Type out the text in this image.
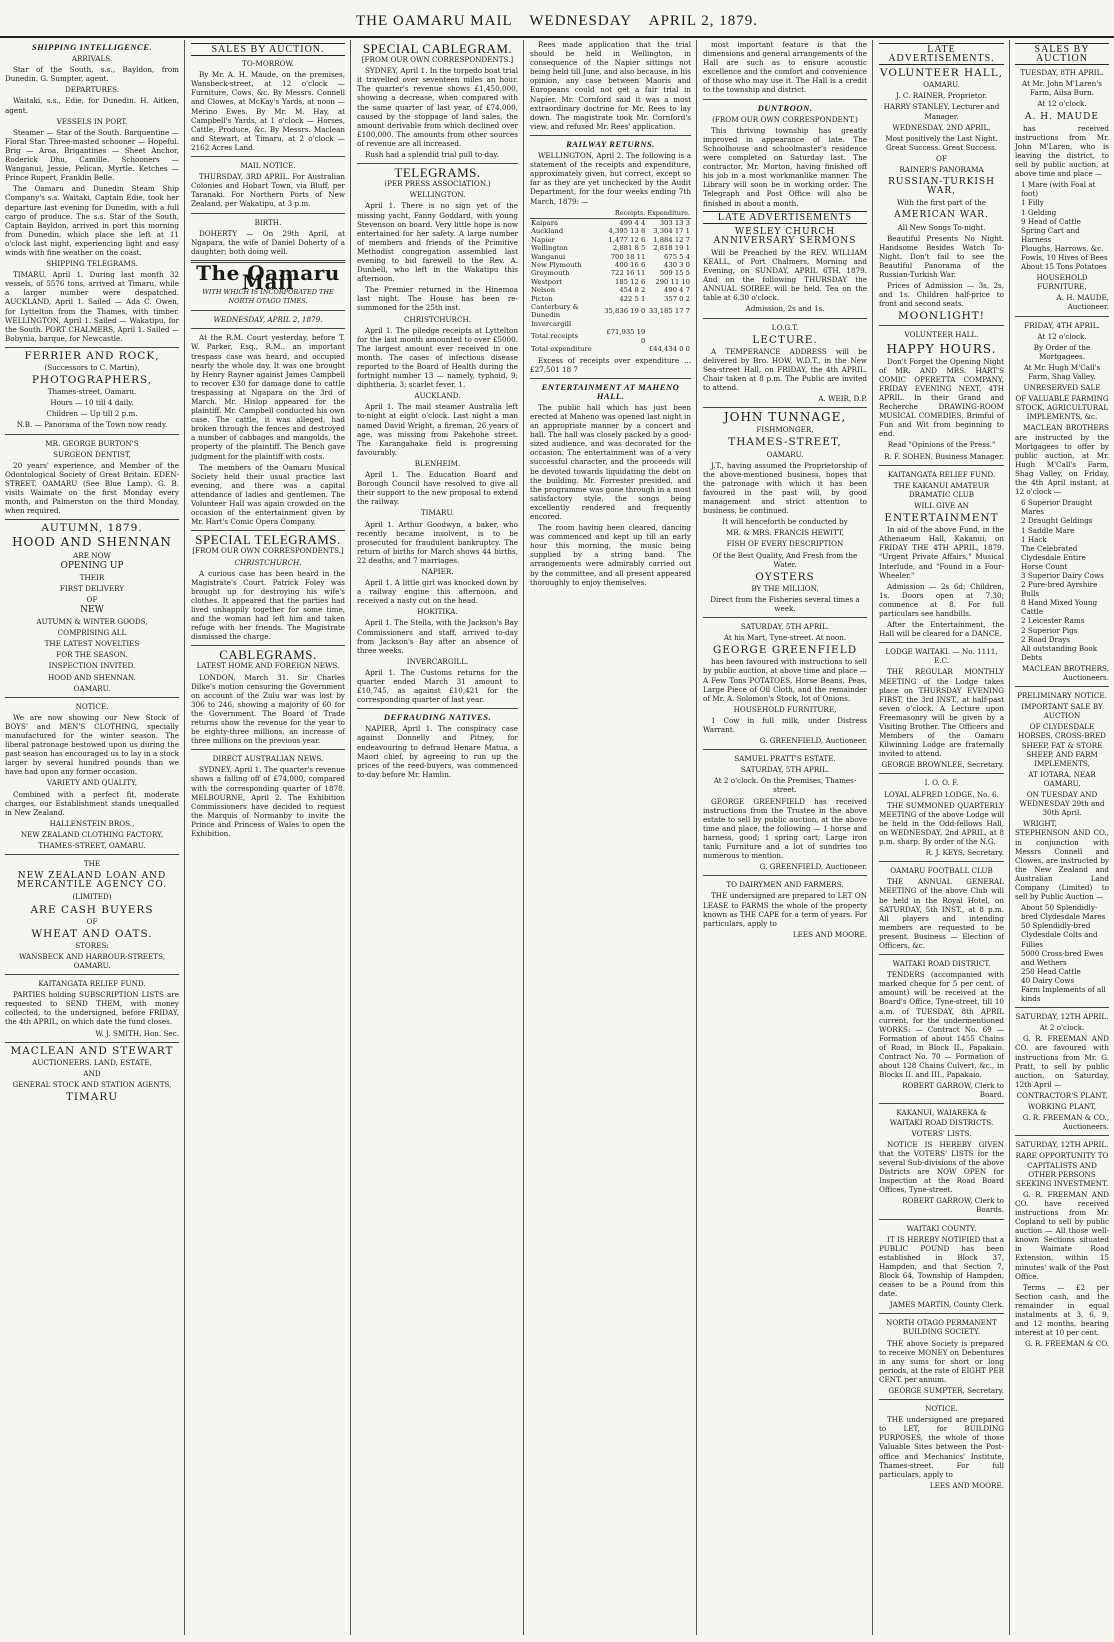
THE OAMARU MAIL WEDNESDAY APRIL 2, 1879.
SHIPPING INTELLIGENCE.

ARRIVALS.

Star of the South, s.s., Bayldon, from Dunedin. G. Sumpter, agent.

DEPARTURES.

Waitaki, s.s., Edie, for Dunedin. H. Aitken, agent.

VESSELS IN PORT.

Steamer — Star of the South. Barquentine — Floral Star. Three-masted schooner — Hopeful. Brig — Aroa. Brigantines — Sheet Anchor, Roderick Dhu, Camille. Schooners — Wanganui, Jessie, Pelican, Myrtle. Ketches — Prince Rupert, Franklin Belle.

The Oamaru and Dunedin Steam Ship Company's s.s. Waitaki, Captain Edie, took her departure last evening for Dunedin, with a full cargo of produce. The s.s. Star of the South, Captain Bayldon, arrived in port this morning from Dunedin, which place she left at 11 o'clock last night, experiencing light and easy winds with fine weather on the coast.

SHIPPING TELEGRAMS.

TIMARU, April 1. During last month 32 vessels, of 5576 tons, arrived at Timaru, while a larger number were despatched. AUCKLAND, April 1. Sailed — Ada C. Owen, for Lyttelton from the Thames, with timber. WELLINGTON, April 1. Sailed — Wakatipu, for the South. PORT CHALMERS, April 1. Sailed — Bobynia, barque, for Newcastle.

FERRIER AND ROCK,

(Successors to C. Martin),

PHOTOGRAPHERS,

Thames-street, Oamaru.

Hours — 10 till 4 daily.

Children — Up till 2 p.m.

N.B. — Panorama of the Town now ready.

MR. GEORGE BURTON'S

SURGEON DENTIST,

20 years' experience, and Member of the Odontological Society of Great Britain. EDEN-STREET, OAMARU (See Blue Lamp). G. B. visits Waimate on the first Monday every month, and Palmerston on the third Monday, when required.

AUTUMN, 1879.
HOOD AND SHENNAN

ARE NOW

OPENING UP

THEIR

FIRST DELIVERY

OF

NEW

AUTUMN & WINTER GOODS,

COMPRISING ALL

THE LATEST NOVELTIES

FOR THE SEASON.

INSPECTION INVITED.

HOOD AND SHENNAN.

OAMARU.

NOTICE.

We are now showing our New Stock of BOYS' and MEN'S CLOTHING, specially manufactured for the winter season. The liberal patronage bestowed upon us during the past season has encouraged us to lay in a stock larger by several hundred pounds than we have had upon any former occasion.

VARIETY AND QUALITY,

Combined with a perfect fit, moderate charges, our Establishment stands unequalled in New Zealand.

HALLENSTEIN BROS.,

NEW ZEALAND CLOTHING FACTORY,

THAMES-STREET, OAMARU.

THE

NEW ZEALAND LOAN AND MERCANTILE AGENCY CO.

(LIMITED)

ARE CASH BUYERS

OF

WHEAT AND OATS.

STORES:

WANSBECK AND HARBOUR-STREETS, OAMARU.

KAITANGATA RELIEF FUND.

PARTIES holding SUBSCRIPTION LISTS are requested to SEND THEM, with money collected, to the undersigned, before FRIDAY, the 4th APRIL, on which date the fund closes.

W. J. SMITH, Hon. Sec.

MACLEAN AND STEWART

AUCTIONEERS, LAND, ESTATE,

AND

GENERAL STOCK AND STATION AGENTS,

TIMARU
SALES BY AUCTION.

TO-MORROW.

By Mr. A. H. Maude, on the premises, Wansbeck-street, at 12 o'clock — Furniture, Cows, &c. By Messrs. Connell and Clowes, at McKay's Yards, at noon — Merino Ewes. By Mr. M. Hay, at Campbell's Yards, at 1 o'clock — Horses, Cattle, Produce, &c. By Messrs. Maclean and Stewart, at Timaru, at 2 o'clock — 2162 Acres Land.

MAIL NOTICE.

THURSDAY, 3RD APRIL. For Australian Colonies and Hobart Town, via Bluff, per Taranaki. For Northern Ports of New Zealand, per Wakatipu, at 3 p.m.

BIRTH.

DOHERTY — On 29th April, at Ngapara, the wife of Daniel Doherty of a daughter; both doing well.

The Oamaru Mail
WITH WHICH IS INCORPORATED THE NORTH OTAGO TIMES.

WEDNESDAY, APRIL 2, 1879.

At the R.M. Court yesterday, before T. W. Parker, Esq., R.M., an important trespass case was heard, and occupied nearly the whole day. It was one brought by Henry Rayner against James Campbell to recover £30 for damage done to cattle trespassing at Ngapara on the 3rd of March. Mr. Hislop appeared for the plaintiff. Mr. Campbell conducted his own case. The cattle, it was alleged, had broken through the fences and destroyed a number of cabbages and mangolds, the property of the plaintiff. The Bench gave judgment for the plaintiff with costs.

The members of the Oamaru Musical Society held their usual practice last evening, and there was a capital attendance of ladies and gentlemen. The Volunteer Hall was again crowded on the occasion of the entertainment given by Mr. Hart's Comic Opera Company.

SPECIAL TELEGRAMS.

[FROM OUR OWN CORRESPONDENTS.]

CHRISTCHURCH.

A curious case has been heard in the Magistrate's Court. Patrick Foley was brought up for destroying his wife's clothes. It appeared that the parties had lived unhappily together for some time, and the woman had left him and taken refuge with her friends. The Magistrate dismissed the charge.

CABLEGRAMS.

LATEST HOME AND FOREIGN NEWS.

LONDON, March 31. Sir Charles Dilke's motion censuring the Government on account of the Zulu war was lost by 306 to 246, showing a majority of 60 for the Government. The Board of Trade returns show the revenue for the year to be eighty-three millions, an increase of three millions on the previous year.

DIRECT AUSTRALIAN NEWS.

SYDNEY, April 1. The quarter's revenue shows a falling off of £74,000, compared with the corresponding quarter of 1878. MELBOURNE, April 2. The Exhibition Commissioners have decided to request the Marquis of Normanby to invite the Prince and Princess of Wales to open the Exhibition.

SPECIAL CABLEGRAM.

[FROM OUR OWN CORRESPONDENTS.]

SYDNEY, April 1. In the torpedo boat trial it travelled over seventeen miles an hour. The quarter's revenue shows £1,450,000, showing a decrease, when compared with the same quarter of last year, of £74,000, caused by the stoppage of land sales, the amount derivable from which declined over £100,000. The amounts from other sources of revenue are all increased.

Rush had a splendid trial pull to-day.

TELEGRAMS.

(PER PRESS ASSOCIATION.)

WELLINGTON.

April 1. There is no sign yet of the missing yacht, Fanny Goddard, with young Stevenson on board. Very little hope is now entertained for her safety. A large number of members and friends of the Primitive Methodist congregation assembled last evening to bid farewell to the Rev. A. Dunbell, who left in the Wakatipu this afternoon.

The Premier returned in the Hinemoa last night. The House has been re-summoned for the 25th inst.

CHRISTCHURCH.

April 1. The piledge receipts at Lyttelton for the last month amounted to over £5000. The largest amount ever received in one month. The cases of infectious disease reported to the Board of Health during the fortnight number 13 — namely, typhoid, 9; diphtheria, 3; scarlet fever, 1.

AUCKLAND.

April 1. The mail steamer Australia left to-night at eight o'clock. Last night a man named David Wright, a fireman, 26 years of age, was missing from Pakehohe street. The Karangahake field is progressing favourably.

BLENHEIM.

April 1. The Education Board and Borough Council have resolved to give all their support to the new proposal to extend the railway.

TIMARU.

April 1. Arthur Goodwyn, a baker, who recently became insolvent, is to be prosecuted for fraudulent bankruptcy. The return of births for March shows 44 births, 22 deaths, and 7 marriages.

NAPIER.

April 1. A little girl was knocked down by a railway engine this afternoon, and received a nasty cut on the head.

HOKITIKA.

April 1. The Stella, with the Jackson's Bay Commissioners and staff, arrived to-day from Jackson's Bay after an absence of three weeks.

INVERCARGILL.

April 1. The Customs returns for the quarter ended March 31 amount to £10,745, as against £10,421 for the corresponding quarter of last year.

DEFRAUDING NATIVES.

NAPIER, April 1. The conspiracy case against Donnelly and Pitney, for endeavouring to defraud Henare Matua, a Maori chief, by agreeing to run up the prices of the reed-buyers, was commenced to-day before Mr. Hamlin.

Rees made application that the trial should be held in Wellington, in consequence of the Napier sittings not being held till June, and also because, in his opinion, any case between Maoris and Europeans could not get a fair trial in Napier. Mr. Cornford said it was a most extraordinary doctrine for Mr. Rees to lay down. The magistrate took Mr. Cornford's view, and refused Mr. Rees' application.

RAILWAY RETURNS.

WELLINGTON, April 2. The following is a statement of the receipts and expenditure, approximately given, but correct, except so far as they are yet unchecked by the Audit Department, for the four weeks ending 7th March, 1879: —

	Receipts.	Expenditure.
Kaipara	499 4 4	303 13 3
Auckland	4,395 13 8	3,304 17 1
Napier	1,477 12 6	1,884 12 7
Wellington	2,881 8 5	2,818 19 1
Wanganui	700 18 11	675 5 4
New Plymouth	400 16 6	430 3 0
Greymouth	722 16 11	509 15 5
Westport	185 12 6	290 11 10
Nelson	454 8 2	490 4 7
Picton	422 5 1	357 0 2
Canterbury & Dunedin	35,836 19 0	33,185 17 7
Invercargill		
Total receipts	£71,935 19 0	
Total expenditure		£44,434 0 0

Excess of receipts over expenditure ... £27,501 18 7

ENTERTAINMENT AT MAHENO HALL.

The public hall which has just been erected at Maheno was opened last night in an appropriate manner by a concert and ball. The hall was closely packed by a good-sized audience, and was decorated for the occasion. The entertainment was of a very successful character, and the proceeds will be devoted towards liquidating the debt on the building. Mr. Forrester presided, and the programme was gone through in a most satisfactory style, the songs being excellently rendered and frequently encored.

The room having been cleared, dancing was commenced and kept up till an early hour this morning, the music being supplied by a string band. The arrangements were admirably carried out by the committee, and all present appeared thoroughly to enjoy themselves.

most important feature is that the dimensions and general arrangements of the Hall are such as to ensure acoustic excellence and the comfort and convenience of those who may use it. The Hall is a credit to the township and district.

DUNTROON.

(FROM OUR OWN CORRESPONDENT.)

This thriving township has greatly improved in appearance of late. The Schoolhouse and schoolmaster's residence were completed on Saturday last. The contractor, Mr. Morton, having finished off his job in a most workmanlike manner. The Library will soon be in working order. The Telegraph and Post Office will also be finished in about a month.

LATE ADVERTISEMENTS
WESLEY CHURCH ANNIVERSARY SERMONS

Will be Preached by the REV. WILLIAM KEALL, of Port Chalmers, Morning and Evening, on SUNDAY, APRIL 6TH, 1879. And on the following THURSDAY the ANNUAL SOIREE will be held. Tea on the table at 6.30 o'clock.

Admission, 2s and 1s.

I.O.G.T.

LECTURE.

A TEMPERANCE ADDRESS will be delivered by Bro. HOW, W.D.T., in the New Sea-street Hall, on FRIDAY, the 4th APRIL. Chair taken at 8 p.m. The Public are invited to attend.

A. WEIR, D.P.

JOHN TUNNAGE,

FISHMONGER,

THAMES-STREET,

OAMARU.

J.T., having assumed the Proprietorship of the above-mentioned business, hopes that the patronage with which it has been favoured in the past will, by good management and strict attention to business, be continued.

It will henceforth be conducted by

MR. & MRS. FRANCIS HEWITT,

FISH OF EVERY DESCRIPTION

Of the Best Quality, And Fresh from the Water.

OYSTERS

BY THE MILLION,

Direct from the Fisheries several times a week.

SATURDAY, 5TH APRIL.

At his Mart, Tyne-street. At noon.

GEORGE GREENFIELD

has been favoured with instructions to sell by public auction, at above time and place — A Few Tons POTATOES, Horse Beans, Peas, Large Piece of Oil Cloth, and the remainder of Mr. A. Solomon's Stock, lot of Onions.

HOUSEHOLD FURNITURE,

1 Cow in full milk, under Distress Warrant.

G. GREENFIELD, Auctioneer.

SAMUEL PRATT'S ESTATE.

SATURDAY, 5TH APRIL.

At 2 o'clock. On the Premises, Thames-street.

GEORGE GREENFIELD has received instructions from the Trustee in the above estate to sell by public auction, at the above time and place, the following — 1 horse and harness, good; 1 spring cart; Large iron tank; Furniture and a lot of sundries too numerous to mention.

G. GREENFIELD, Auctioneer.

TO DAIRYMEN AND FARMERS.

THE undersigned are prepared to LET ON LEASE to FARMS the whole of the property known as THE CAPE for a term of years. For particulars, apply to

LEES AND MOORE.

LATE ADVERTISEMENTS.
VOLUNTEER HALL,

OAMARU.

J. C. RAINER, Proprietor.

HARRY STANLEY, Lecturer and Manager.

WEDNESDAY, 2ND APRIL,

Most positively the Last Night. Great Success. Great Success.

OF

RAINER'S PANORAMA

RUSSIAN-TURKISH WAR,

With the first part of the

AMERICAN WAR.

All New Songs To-night.

Beautiful Presents No Night. Handsome Besides Watch To-Night. Don't fail to see the Beautiful Panorama of the Russian-Turkish War.

Prices of Admission — 3s, 2s, and 1s. Children half-price to front and second seats.

MOONLIGHT!

VOLUNTEER HALL.

HAPPY HOURS.

Don't Forget the Opening Night of MR. AND MRS. HART'S COMIC OPERETTA COMPANY, FRIDAY EVENING NEXT, 4TH APRIL. In their Grand and Recherche DRAWING-ROOM MUSICAL COMEDIES, Brimful of Fun and Wit from beginning to end.

Read "Opinions of the Press."

R. F. SOHEN, Business Manager.

KAITANGATA RELIEF FUND.

THE KAKANUI AMATEUR DRAMATIC CLUB

WILL GIVE AN

ENTERTAINMENT

In aid of the above Fund, in the Athenaeum Hall, Kakanui, on FRIDAY THE 4TH APRIL, 1879. "Urgent Private Affairs," Musical Interlude, and "Found in a Four-Wheeler."

Admission — 2s 6d; Children, 1s. Doors open at 7.30; commence at 8. For full particulars see handbills.

After the Entertainment, the Hall will be cleared for a DANCE.

LODGE WAITAKI. — No. 1111, E.C.

THE REGULAR MONTHLY MEETING of the Lodge takes place on THURSDAY EVENING FIRST, the 3rd INST., at half-past seven o'clock. A Lecture upon Freemasonry will be given by a Visiting Brother. The Officers and Members of the Oamaru Kilwinning Lodge are fraternally invited to attend.

GEORGE BROWNLEE, Secretary.

I. O. O. F.

LOYAL ALFRED LODGE, No. 6.

THE SUMMONED QUARTERLY MEETING of the above Lodge will be held in the Odd-fellows Hall, on WEDNESDAY, 2nd APRIL, at 8 p.m. sharp. By order of the N.G.

R. J. KEYS, Secretary.

OAMARU FOOTBALL CLUB

THE ANNUAL GENERAL MEETING of the above Club will be held in the Royal Hotel, on SATURDAY, 5th INST., at 8 p.m. All players and intending members are requested to be present. Business — Election of Officers, &c.

WAITAKI ROAD DISTRICT.

TENDERS (accompanied with marked cheque for 5 per cent. of amount) will be received at the Board's Office, Tyne-street, till 10 a.m. of TUESDAY, 8th APRIL current, for the undermentioned WORKS: — Contract No. 69 — Formation of about 1455 Chains of Road, in Block II., Papakaio. Contract No. 70 — Formation of about 128 Chains Culvert, &c., in Blocks II. and III., Papakaio.

ROBERT GARROW, Clerk to Board.

KAKANUI, WAIAREKA & WAITAKI ROAD DISTRICTS.

VOTERS' LISTS.

NOTICE IS HEREBY GIVEN that the VOTERS' LISTS for the several Sub-divisions of the above Districts are NOW OPEN for Inspection at the Road Board Offices, Tyne-street.

ROBERT GARROW, Clerk to Boards.

WAITAKI COUNTY.

IT IS HEREBY NOTIFIED that a PUBLIC POUND has been established in Block 37, Hampden, and that Section 7, Block 64, Township of Hampden, ceases to be a Pound from this date.

JAMES MARTIN, County Clerk.

NORTH OTAGO PERMANENT BUILDING SOCIETY.

THE above Society is prepared to receive MONEY on Debentures in any sums for short or long periods, at the rate of EIGHT PER CENT. per annum.

GEORGE SUMPTER, Secretary.

NOTICE.

THE undersigned are prepared to LET, for BUILDING PURPOSES, the whole of those Valuable Sites between the Post-office and Mechanics' Institute, Thames-street. For full particulars, apply to

LEES AND MOORE.

SALES BY AUCTION

TUESDAY, 8TH APRIL.

At Mr. John M'Laren's Farm, Ailsa Burn.

At 12 o'clock.

A. H. MAUDE

has received instructions from Mr. John M'Laren, who is leaving the district, to sell by public auction, at above time and place —

1 Mare (with Foal at foot)
1 Filly
1 Gelding
9 Head of Cattle
Spring Cart and Harness
Ploughs, Harrows, &c.
Fowls, 10 Hives of Bees
About 15 Tons Potatoes

HOUSEHOLD FURNITURE,

A. H. MAUDE, Auctioneer.

FRIDAY, 4TH APRIL.

At 12 o'clock.

By Order of the Mortgagees.

At Mr. Hugh M'Call's Farm, Shag Valley.

UNRESERVED SALE

OF VALUABLE FARMING STOCK, AGRICULTURAL IMPLEMENTS, &c.

MACLEAN BROTHERS are instructed by the Mortgagees to offer by public auction, at Mr. Hugh M'Call's Farm, Shag Valley, on Friday, the 4th April instant, at 12 o'clock —

6 Superior Draught Mares
2 Draught Geldings
1 Saddle Mare
1 Hack
The Celebrated Clydesdale Entire Horse Count
3 Superior Dairy Cows
2 Pure-bred Ayrshire Bulls
8 Hand Mixed Young Cattle
2 Leicester Rams
2 Superior Pigs
2 Road Drays
All outstanding Book Debts

MACLEAN BROTHERS, Auctioneers.

PRELIMINARY NOTICE.

IMPORTANT SALE BY AUCTION

OF CLYDESDALE HORSES, CROSS-BRED SHEEP, FAT & STORE SHEEP, AND FARM IMPLEMENTS,

AT IOTARA, NEAR OAMARU,

ON TUESDAY AND WEDNESDAY 29th and 30th April.

WRIGHT, STEPHENSON AND CO., in conjunction with Messrs Connell and Clowes, are instructed by the New Zealand and Australian Land Company (Limited) to sell by Public Auction —

About 50 Splendidly-bred Clydesdale Mares
50 Splendidly-bred Clydesdale Colts and Fillies
5000 Cross-bred Ewes and Wethers
250 Head Cattle
40 Dairy Cows
Farm Implements of all kinds

SATURDAY, 12TH APRIL.

At 2 o'clock.

G. R. FREEMAN AND CO. are favoured with instructions from Mr. G. Pratt, to sell by public auction, on Saturday, 12th April —

CONTRACTOR'S PLANT,

WORKING PLANT,

G. R. FREEMAN & CO., Auctioneers.

SATURDAY, 12TH APRIL.

RARE OPPORTUNITY TO CAPITALISTS AND OTHER PERSONS SEEKING INVESTMENT.

G. R. FREEMAN AND CO. have received instructions from Mr. Copland to sell by public auction — All those well-known Sections situated in Waimate Road Extension, within 15 minutes' walk of the Post Office.

Terms — £2 per Section cash, and the remainder in equal instalments at 3, 6, 9, and 12 months, bearing interest at 10 per cent.

G. R. FREEMAN & CO.
